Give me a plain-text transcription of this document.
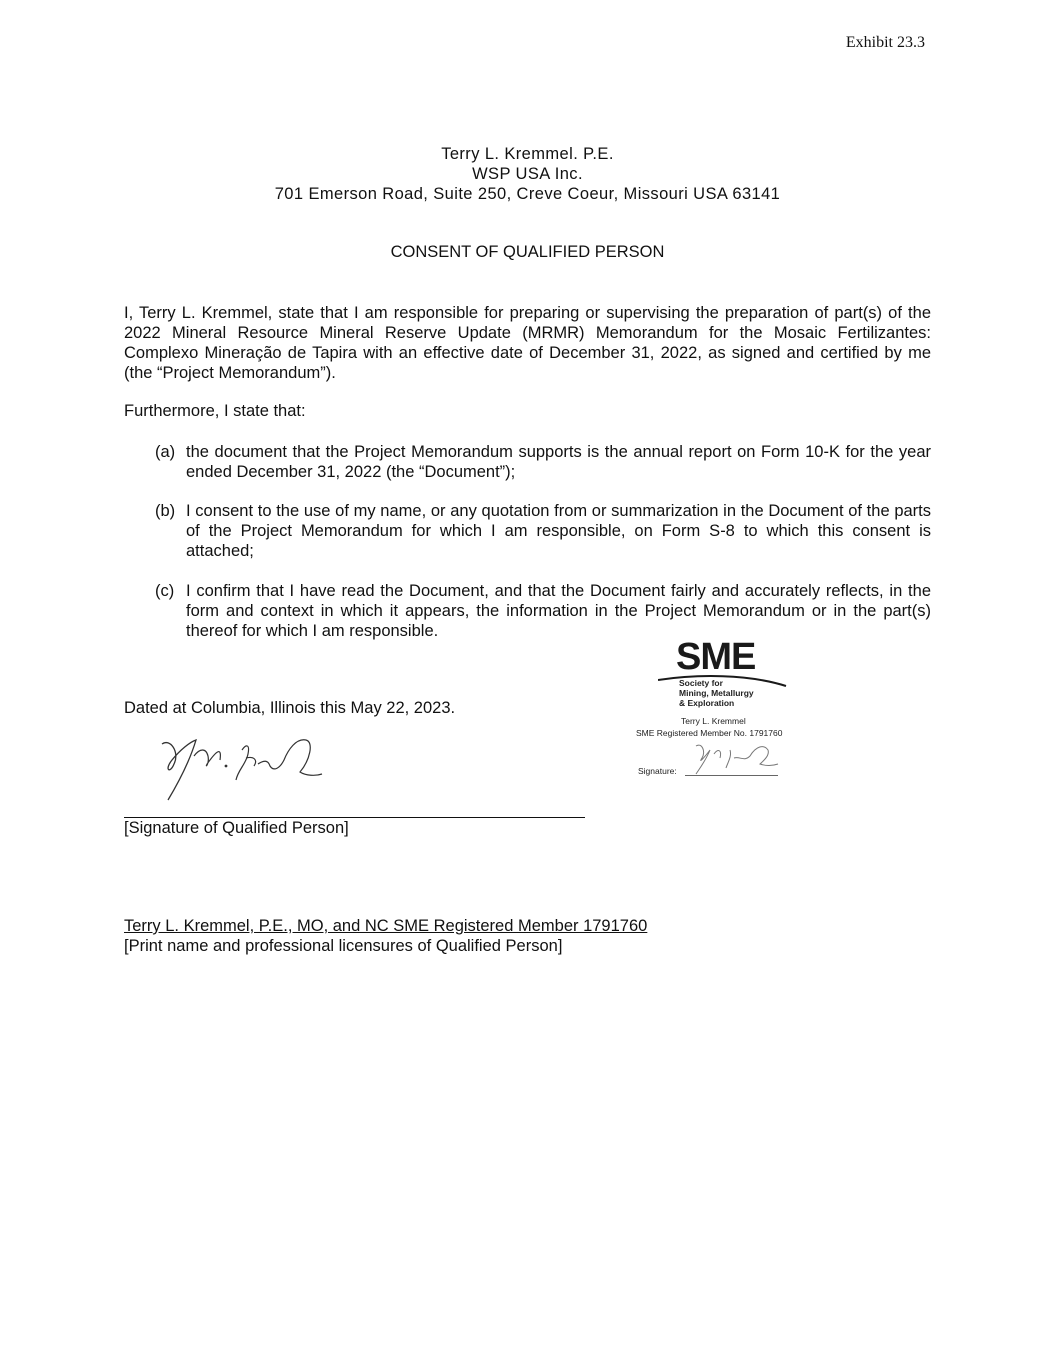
Exhibit 23.3
Terry L. Kremmel. P.E.
WSP USA Inc.
701 Emerson Road, Suite 250, Creve Coeur, Missouri USA 63141
CONSENT OF QUALIFIED PERSON
I, Terry L. Kremmel, state that I am responsible for preparing or supervising the preparation of part(s) of the 2022 Mineral Resource Mineral Reserve Update (MRMR) Memorandum for the Mosaic Fertilizantes: Complexo Mineração de Tapira with an effective date of December 31, 2022, as signed and certified by me (the “Project Memorandum”).
Furthermore, I state that:
(a) the document that the Project Memorandum supports is the annual report on Form 10-K for the year ended December 31, 2022 (the “Document”);
(b) I consent to the use of my name, or any quotation from or summarization in the Document of the parts of the Project Memorandum for which I am responsible, on Form S-8 to which this consent is attached;
(c) I confirm that I have read the Document, and that the Document fairly and accurately reflects, in the form and context in which it appears, the information in the Project Memorandum or in the part(s) thereof for which I am responsible.
Dated at Columbia, Illinois this May 22, 2023.
[Signature of Qualified Person]
Terry L. Kremmel, P.E., MO, and NC SME Registered Member 1791760
[Print name and professional licensures of Qualified Person]
SME
Society for
Mining, Metallurgy
& Exploration
Terry L. Kremmel
SME Registered Member No. 1791760
Signature:
